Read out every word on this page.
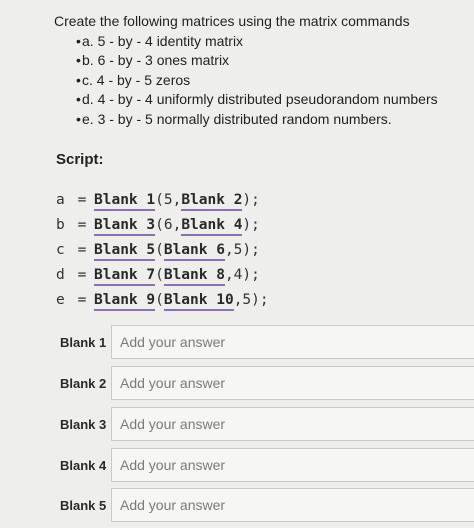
Create the following matrices using the matrix commands

• a. 5 - by - 4 identity matrix
• b. 6 - by - 3 ones matrix
• c. 4 - by - 5 zeros
• d. 4 - by - 4 uniformly distributed pseudorandom numbers
• e. 3 - by - 5 normally distributed random numbers.
Script:
a = Blank 1(5,Blank 2);
b = Blank 3(6,Blank 4);
c = Blank 5(Blank 6,5);
d = Blank 7(Blank 8,4);
e = Blank 9(Blank 10,5);
Blank 1
Add your answer
Blank 2
Add your answer
Blank 3
Add your answer
Blank 4
Add your answer
Blank 5
Add your answer
